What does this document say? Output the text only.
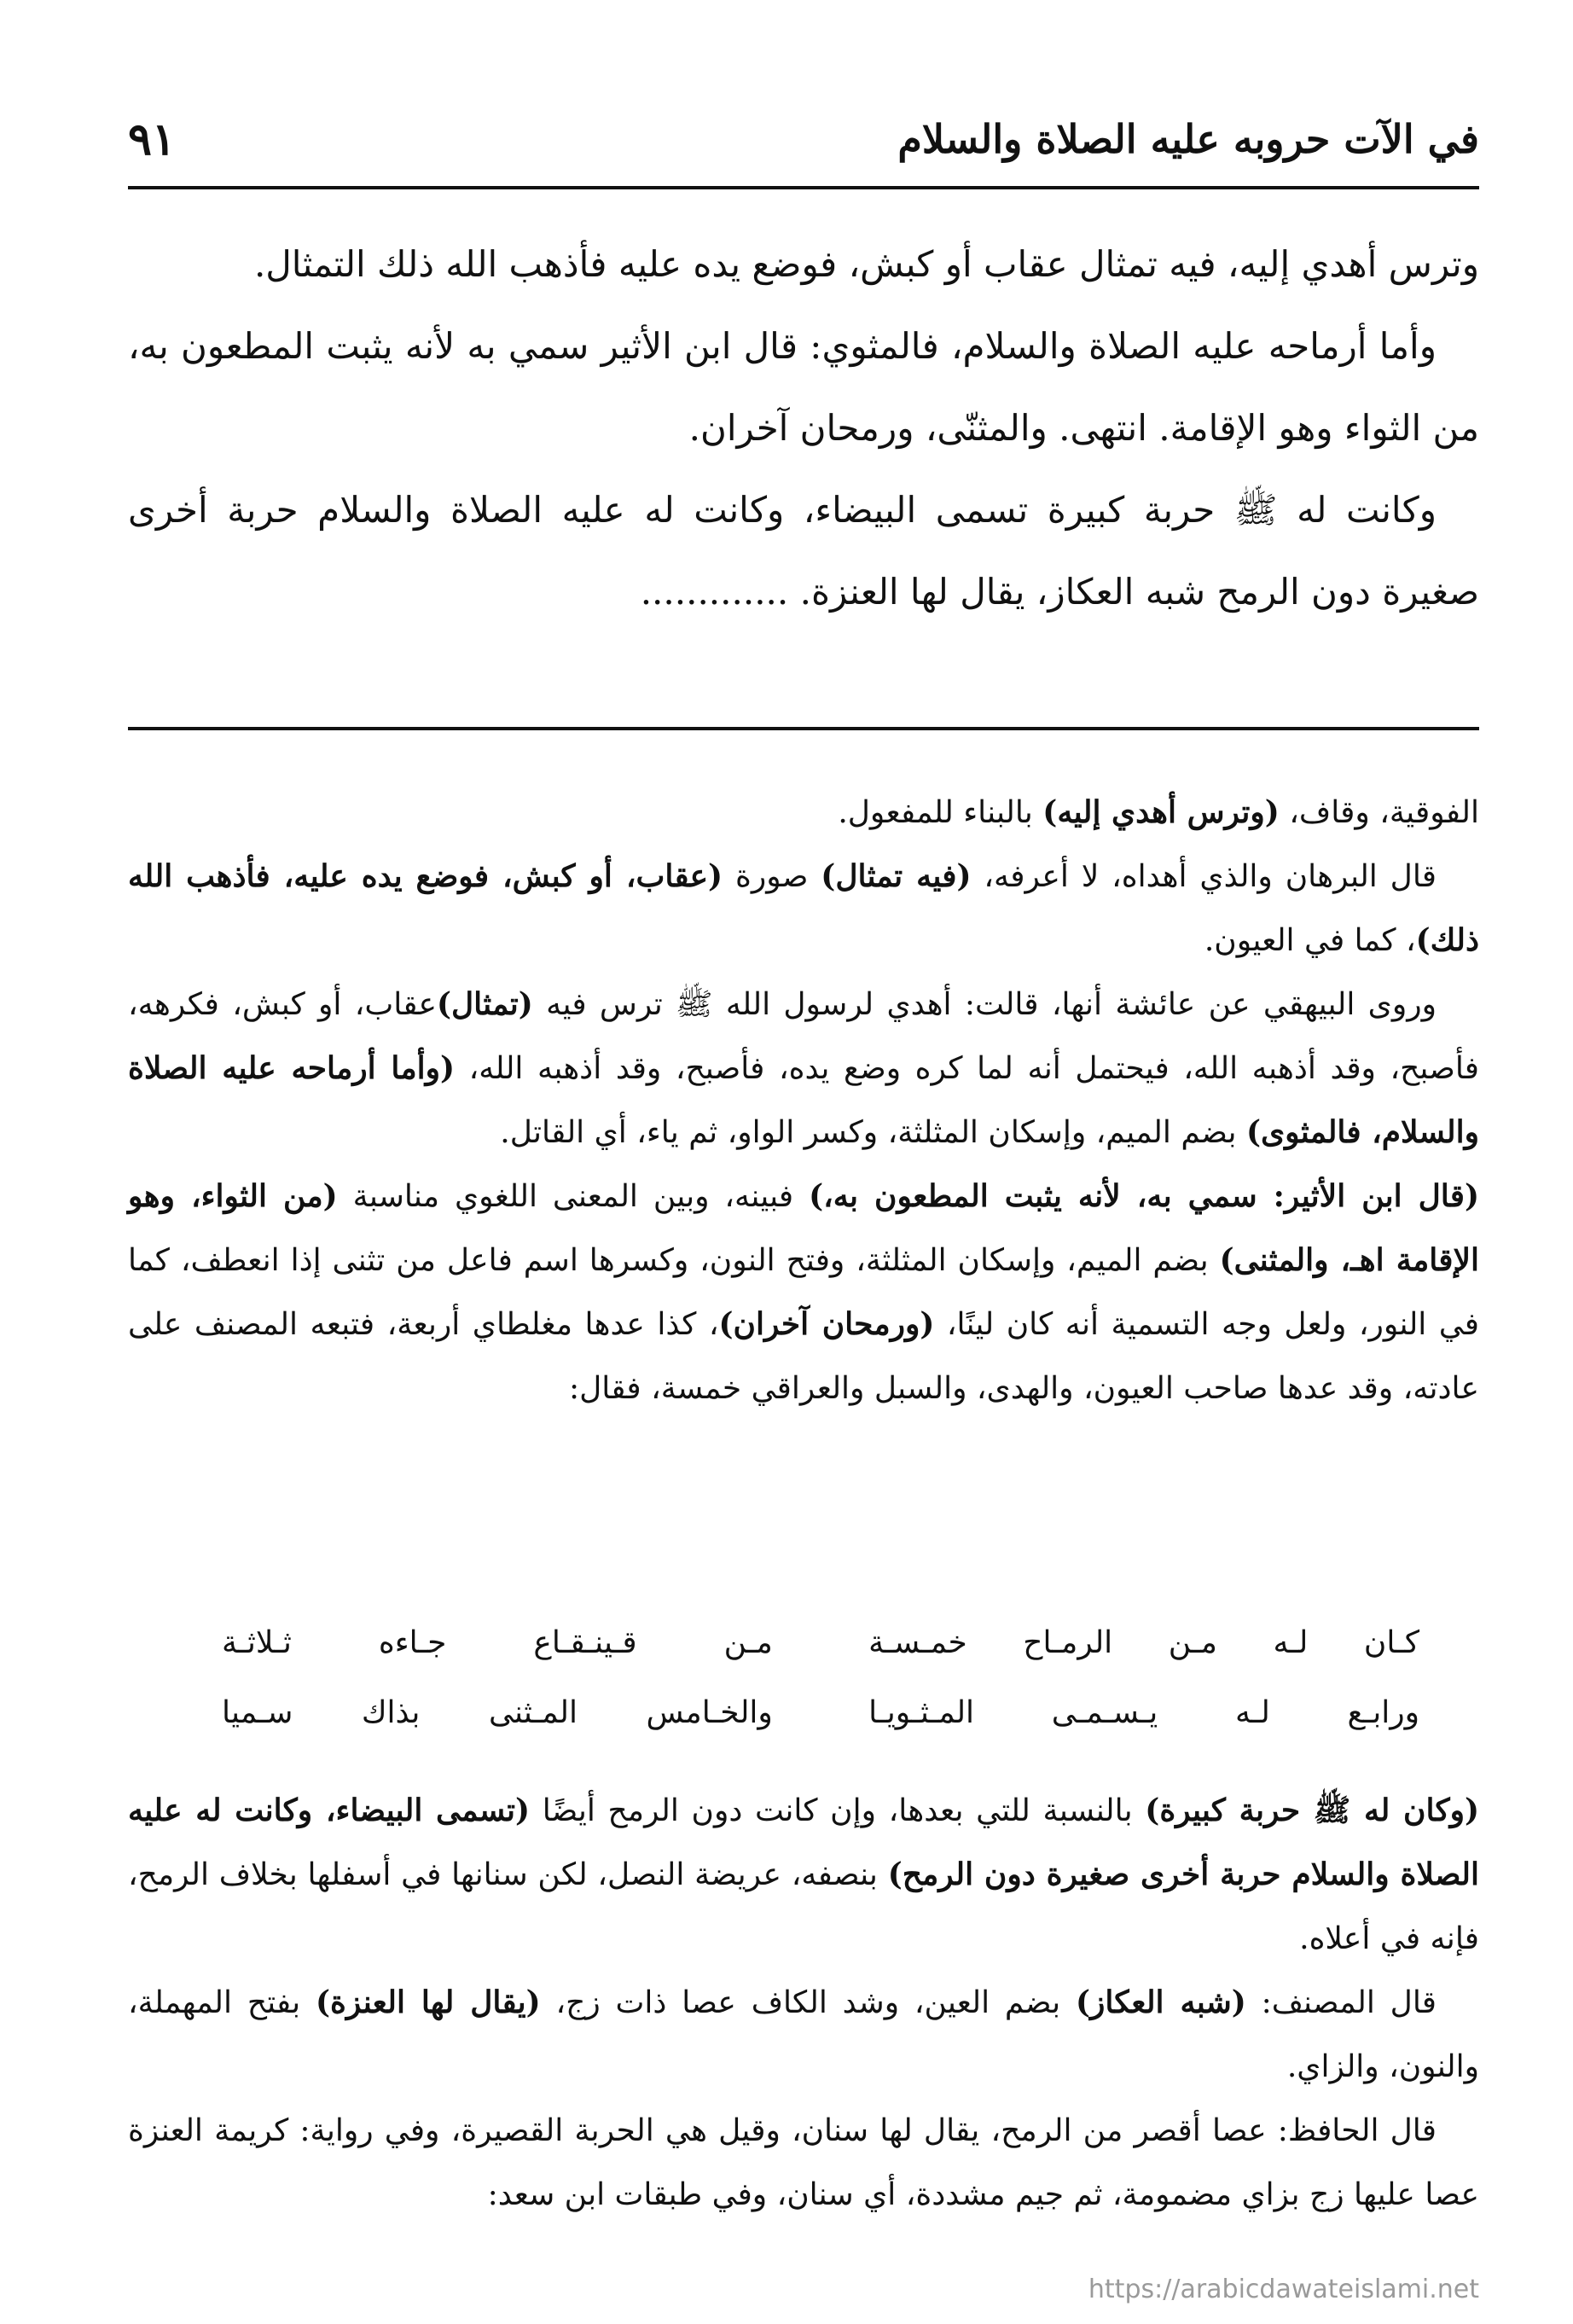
في الآت حروبه عليه الصلاة والسلام
٩١

وترس أهدي إليه، فيه تمثال عقاب أو كبش، فوضع يده عليه فأذهب الله ذلك التمثال.

وأما أرماحه عليه الصلاة والسلام، فالمثوي: قال ابن الأثير سمي به لأنه يثبت المطعون به، من الثواء وهو الإقامة. انتهى. والمثنّى، ورمحان آخران.

وكانت له ﷺ حربة كبيرة تسمى البيضاء، وكانت له عليه الصلاة والسلام حربة أخرى صغيرة دون الرمح شبه العكاز، يقال لها العنزة. .............

الفوقية، وقاف، (وترس أهدي إليه) بالبناء للمفعول.

قال البرهان والذي أهداه، لا أعرفه، (فيه تمثال) صورة (عقاب، أو كبش، فوضع يده عليه، فأذهب الله ذلك)، كما في العيون.

وروى البيهقي عن عائشة أنها، قالت: أهدي لرسول الله ﷺ ترس فيه (تمثال)عقاب، أو كبش، فكرهه، فأصبح، وقد أذهبه الله، فيحتمل أنه لما كره وضع يده، فأصبح، وقد أذهبه الله، (وأما أرماحه عليه الصلاة والسلام، فالمثوى) بضم الميم، وإسكان المثلثة، وكسر الواو، ثم ياء، أي القاتل.

(قال ابن الأثير: سمي به، لأنه يثبت المطعون به،) فبينه، وبين المعنى اللغوي مناسبة (من الثواء، وهو الإقامة اهـ، والمثنى) بضم الميم، وإسكان المثلثة، وفتح النون، وكسرها اسم فاعل من تثنى إذا انعطف، كما في النور، ولعل وجه التسمية أنه كان لينًا، (ورمحان آخران)، كذا عدها مغلطاي أربعة، فتبعه المصنف على عادته، وقد عدها صاحب العيون، والهدى، والسبل والعراقي خمسة، فقال:

كـان لـه مـن الرمـاح خمـسـة
مـن قـينـقـاع جـاءه ثـلاثـة
ورابـع لـه يـسـمـى المـثـويـا
والخـامس المـثنى بذاك سـميا

(وكان له ﷺ حربة كبيرة) بالنسبة للتي بعدها، وإن كانت دون الرمح أيضًا (تسمى البيضاء، وكانت له عليه الصلاة والسلام حربة أخرى صغيرة دون الرمح) بنصفه، عريضة النصل، لكن سنانها في أسفلها بخلاف الرمح، فإنه في أعلاه.

قال المصنف: (شبه العكاز) بضم العين، وشد الكاف عصا ذات زج، (يقال لها العنزة) بفتح المهملة، والنون، والزاي.

قال الحافظ: عصا أقصر من الرمح، يقال لها سنان، وقيل هي الحربة القصيرة، وفي رواية: كريمة العنزة عصا عليها زج بزاي مضمومة، ثم جيم مشددة، أي سنان، وفي طبقات ابن سعد:

https://arabicdawateislami.net
